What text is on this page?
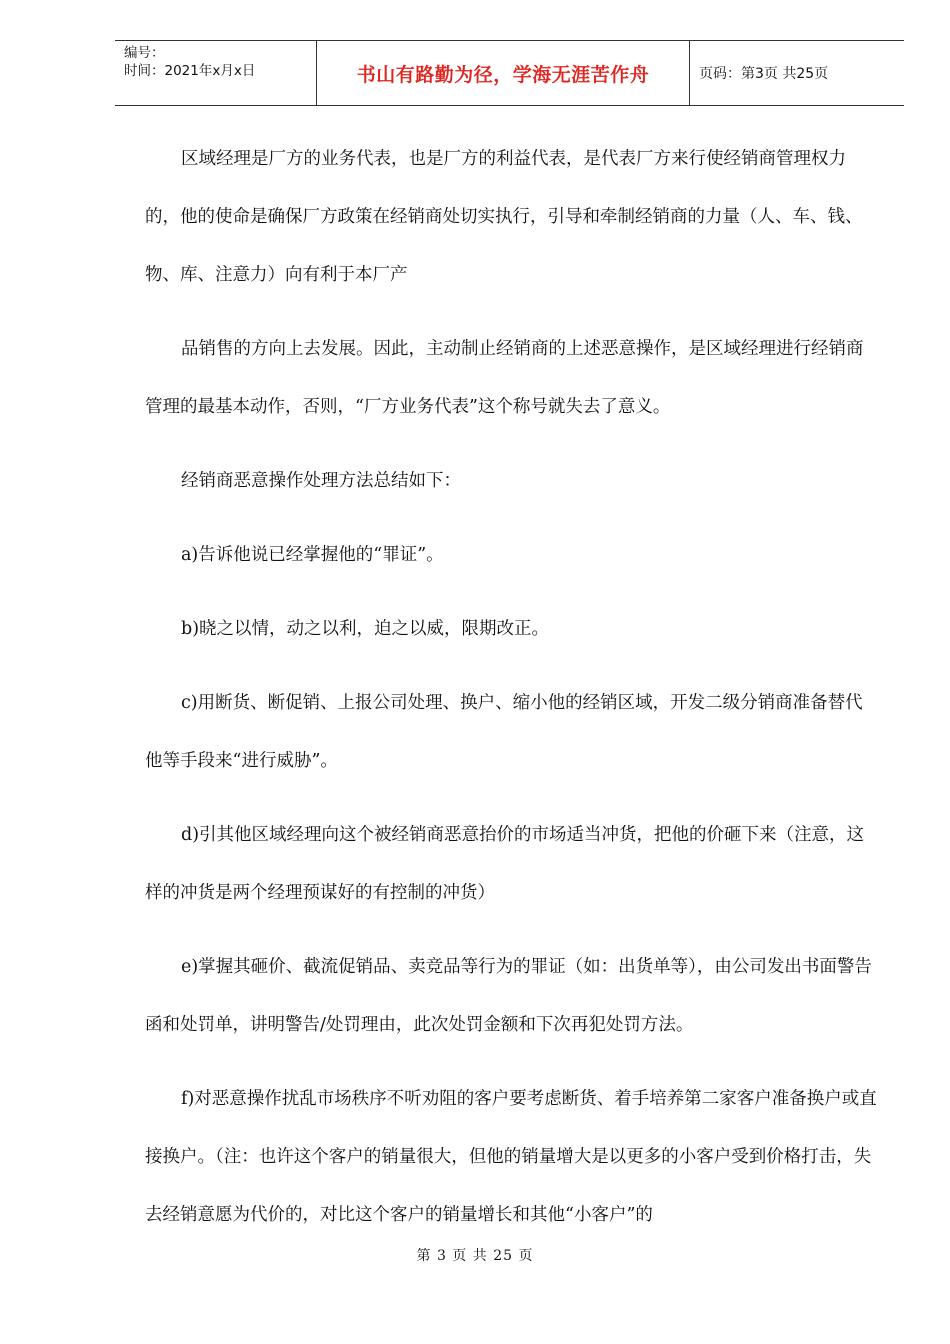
编号：
时间：2021年x月x日	书山有路勤为径，学海无涯苦作舟	页码：第3页 共25页

区域经理是厂方的业务代表，也是厂方的利益代表，是代表厂方来行使经销商管理权力的，他的使命是确保厂方政策在经销商处切实执行，引导和牵制经销商的力量（人、车、钱、物、库、注意力）向有利于本厂产

品销售的方向上去发展。因此，主动制止经销商的上述恶意操作，是区域经理进行经销商管理的最基本动作，否则，“厂方业务代表”这个称号就失去了意义。

经销商恶意操作处理方法总结如下：

a)告诉他说已经掌握他的“罪证”。

b)晓之以情，动之以利，迫之以威，限期改正。

c)用断货、断促销、上报公司处理、换户、缩小他的经销区域，开发二级分销商准备替代他等手段来“进行威胁”。

d)引其他区域经理向这个被经销商恶意抬价的市场适当冲货，把他的价砸下来（注意，这样的冲货是两个经理预谋好的有控制的冲货）

e)掌握其砸价、截流促销品、卖竞品等行为的罪证（如：出货单等），由公司发出书面警告函和处罚单，讲明警告/处罚理由，此次处罚金额和下次再犯处罚方法。

f)对恶意操作扰乱市场秩序不听劝阻的客户要考虑断货、着手培养第二家客户准备换户或直接换户。（注：也许这个客户的销量很大，但他的销量增大是以更多的小客户受到价格打击，失去经销意愿为代价的，对比这个客户的销量增长和其他“小客户”的

第 3 页 共 25 页
